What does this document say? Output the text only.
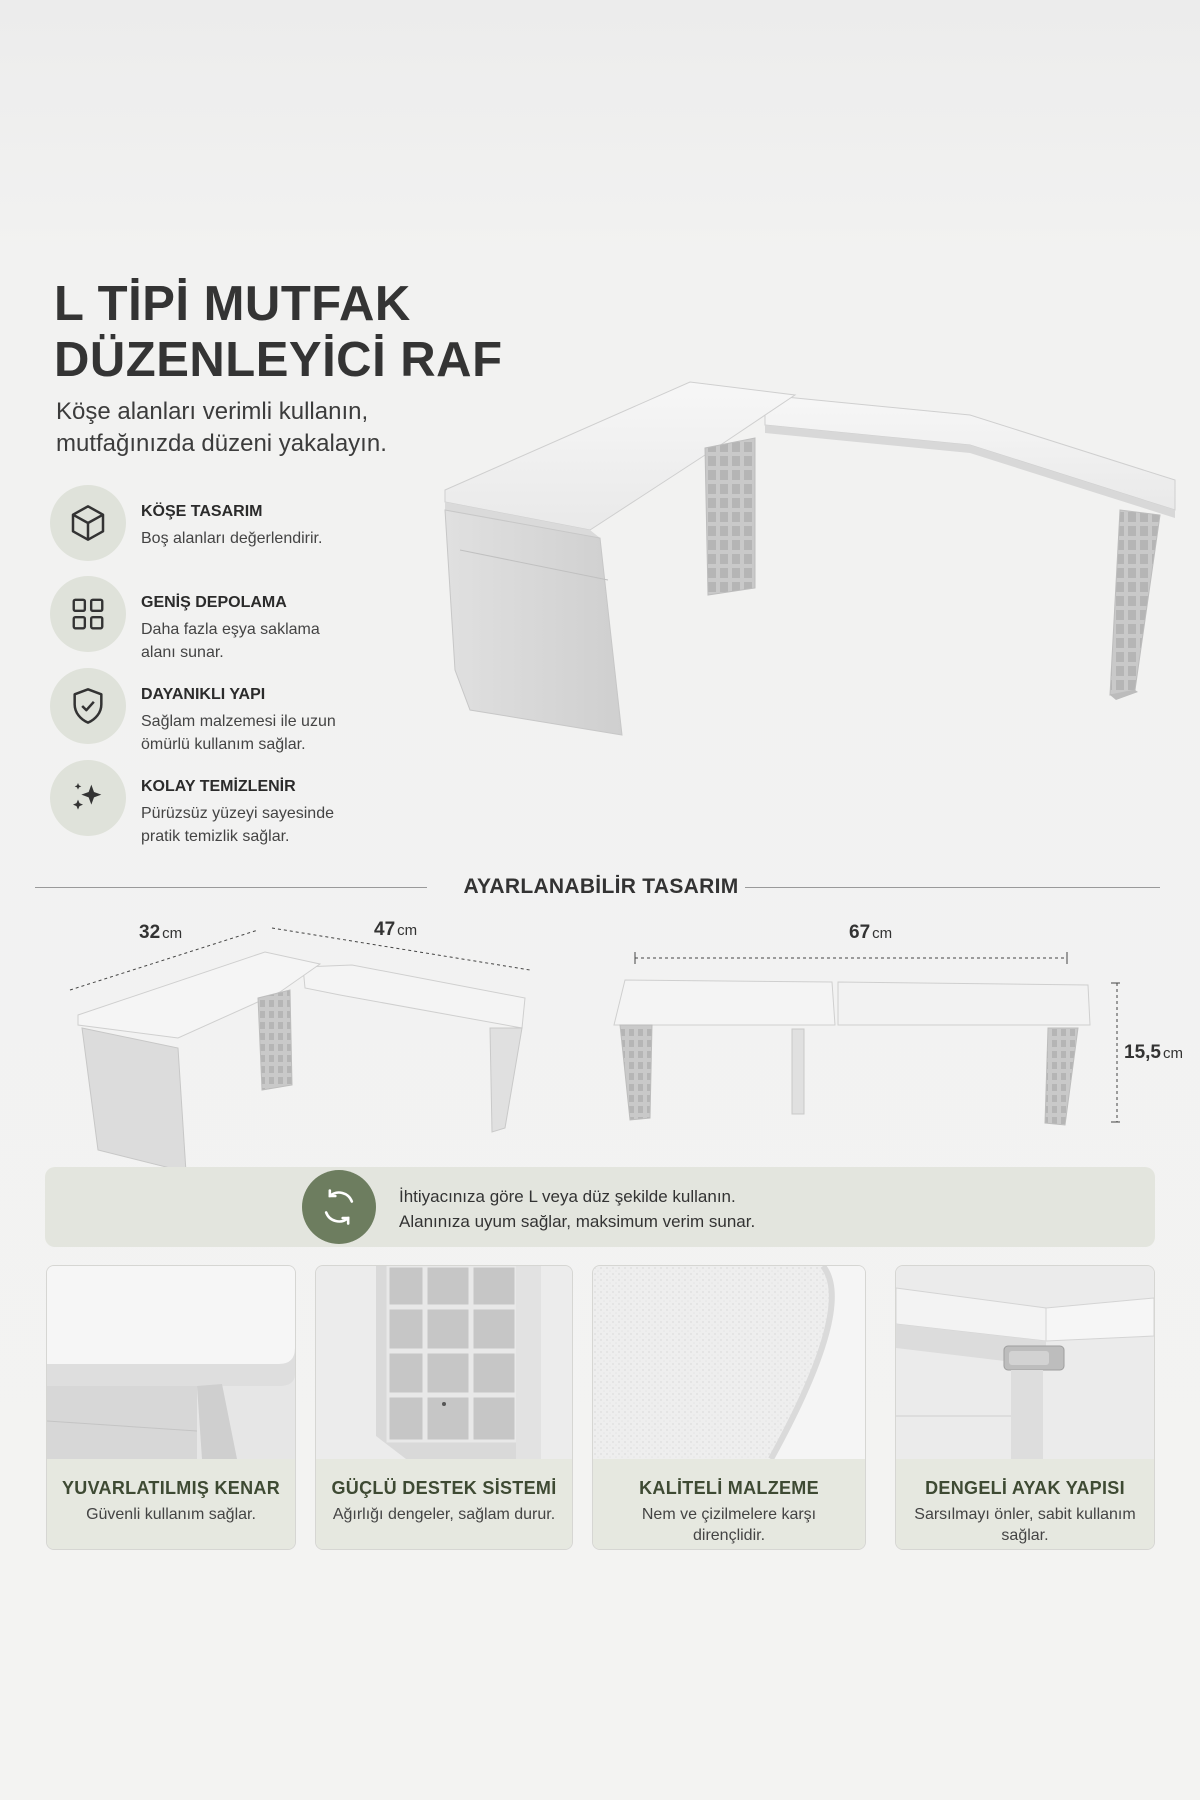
L TİPİ MUTFAK
DÜZENLEYİCİ RAF
Köşe alanları verimli kullanın,
mutfağınızda düzeni yakalayın.
KÖŞE TASARIM
Boş alanları değerlendirir.
GENİŞ DEPOLAMA
Daha fazla eşya saklama alanı sunar.
DAYANIKLI YAPI
Sağlam malzemesi ile uzun ömürlü kullanım sağlar.
KOLAY TEMİZLENİR
Pürüzsüz yüzeyi sayesinde pratik temizlik sağlar.
AYARLANABİLİR TASARIM
32 cm	47 cm	67 cm
15,5 cm
İhtiyacınıza göre L veya düz şekilde kullanın.
Alanınıza uyum sağlar, maksimum verim sunar.
YUVARLATILMIŞ KENAR
Güvenli kullanım sağlar.
GÜÇLÜ DESTEK SİSTEMİ
Ağırlığı dengeler, sağlam durur.
KALİTELİ MALZEME
Nem ve çizilmelere karşı dirençlidir.
DENGELİ AYAK YAPISI
Sarsılmayı önler, sabit kullanım sağlar.
